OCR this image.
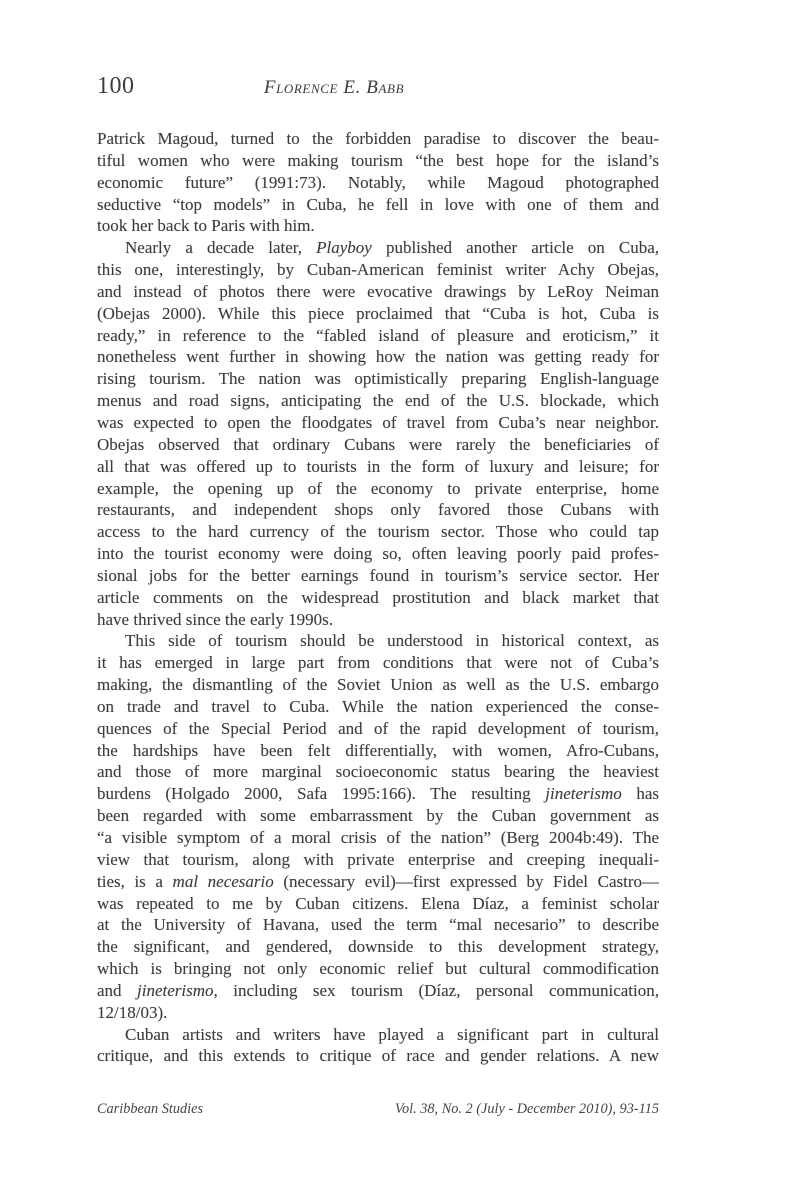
100	Florence E. Babb
Patrick Magoud, turned to the forbidden paradise to discover the beau-
tiful women who were making tourism “the best hope for the island’s
economic future” (1991:73). Notably, while Magoud photographed
seductive “top models” in Cuba, he fell in love with one of them and
took her back to Paris with him.
Nearly a decade later, Playboy published another article on Cuba,
this one, interestingly, by Cuban-American feminist writer Achy Obejas,
and instead of photos there were evocative drawings by LeRoy Neiman
(Obejas 2000). While this piece proclaimed that “Cuba is hot, Cuba is
ready,” in reference to the “fabled island of pleasure and eroticism,” it
nonetheless went further in showing how the nation was getting ready for
rising tourism. The nation was optimistically preparing English-language
menus and road signs, anticipating the end of the U.S. blockade, which
was expected to open the floodgates of travel from Cuba’s near neighbor.
Obejas observed that ordinary Cubans were rarely the beneficiaries of
all that was offered up to tourists in the form of luxury and leisure; for
example, the opening up of the economy to private enterprise, home
restaurants, and independent shops only favored those Cubans with
access to the hard currency of the tourism sector. Those who could tap
into the tourist economy were doing so, often leaving poorly paid profes-
sional jobs for the better earnings found in tourism’s service sector. Her
article comments on the widespread prostitution and black market that
have thrived since the early 1990s.
This side of tourism should be understood in historical context, as
it has emerged in large part from conditions that were not of Cuba’s
making, the dismantling of the Soviet Union as well as the U.S. embargo
on trade and travel to Cuba. While the nation experienced the conse-
quences of the Special Period and of the rapid development of tourism,
the hardships have been felt differentially, with women, Afro-Cubans,
and those of more marginal socioeconomic status bearing the heaviest
burdens (Holgado 2000, Safa 1995:166). The resulting jineterismo has
been regarded with some embarrassment by the Cuban government as
“a visible symptom of a moral crisis of the nation” (Berg 2004b:49). The
view that tourism, along with private enterprise and creeping inequali-
ties, is a mal necesario (necessary evil)—first expressed by Fidel Castro—
was repeated to me by Cuban citizens. Elena Díaz, a feminist scholar
at the University of Havana, used the term “mal necesario” to describe
the significant, and gendered, downside to this development strategy,
which is bringing not only economic relief but cultural commodification
and jineterismo, including sex tourism (Díaz, personal communication,
12/18/03).
Cuban artists and writers have played a significant part in cultural
critique, and this extends to critique of race and gender relations. A new
Caribbean Studies	Vol. 38, No. 2 (July - December 2010), 93-115
